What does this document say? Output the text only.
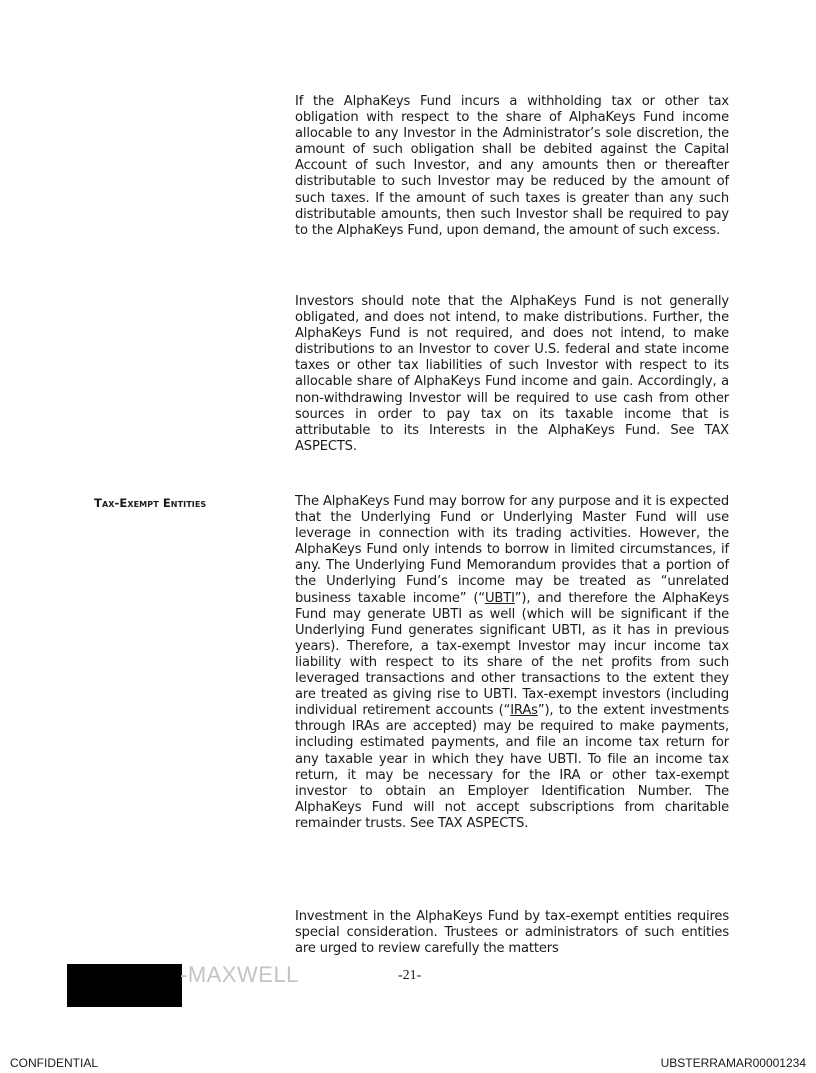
If the AlphaKeys Fund incurs a withholding tax or other tax obligation with respect to the share of AlphaKeys Fund income allocable to any Investor in the Administrator’s sole discretion, the amount of such obligation shall be debited against the Capital Account of such Investor, and any amounts then or thereafter distributable to such Investor may be reduced by the amount of such taxes. If the amount of such taxes is greater than any such distributable amounts, then such Investor shall be required to pay to the AlphaKeys Fund, upon demand, the amount of such excess.

Investors should note that the AlphaKeys Fund is not generally obligated, and does not intend, to make distributions. Further, the AlphaKeys Fund is not required, and does not intend, to make distributions to an Investor to cover U.S. federal and state income taxes or other tax liabilities of such Investor with respect to its allocable share of AlphaKeys Fund income and gain. Accordingly, a non-withdrawing Investor will be required to use cash from other sources in order to pay tax on its taxable income that is attributable to its Interests in the AlphaKeys Fund. See TAX ASPECTS.

Tax-Exempt Entities	The AlphaKeys Fund may borrow for any purpose and it is expected that the Underlying Fund or Underlying Master Fund will use leverage in connection with its trading activities. However, the AlphaKeys Fund only intends to borrow in limited circumstances, if any. The Underlying Fund Memorandum provides that a portion of the Underlying Fund’s income may be treated as “unrelated business taxable income” (“UBTI”), and therefore the AlphaKeys Fund may generate UBTI as well (which will be significant if the Underlying Fund generates significant UBTI, as it has in previous years). Therefore, a tax-exempt Investor may incur income tax liability with respect to its share of the net profits from such leveraged transactions and other transactions to the extent they are treated as giving rise to UBTI. Tax-exempt investors (including individual retirement accounts (“IRAs”), to the extent investments through IRAs are accepted) may be required to make payments, including estimated payments, and file an income tax return for any taxable year in which they have UBTI. To file an income tax return, it may be necessary for the IRA or other tax-exempt investor to obtain an Employer Identification Number. The AlphaKeys Fund will not accept subscriptions from charitable remainder trusts. See TAX ASPECTS.

Investment in the AlphaKeys Fund by tax-exempt entities requires special consideration. Trustees or administrators of such entities are urged to review carefully the matters

-MAXWELL	-21-
CONFIDENTIAL	UBSTERRAMAR00001234
